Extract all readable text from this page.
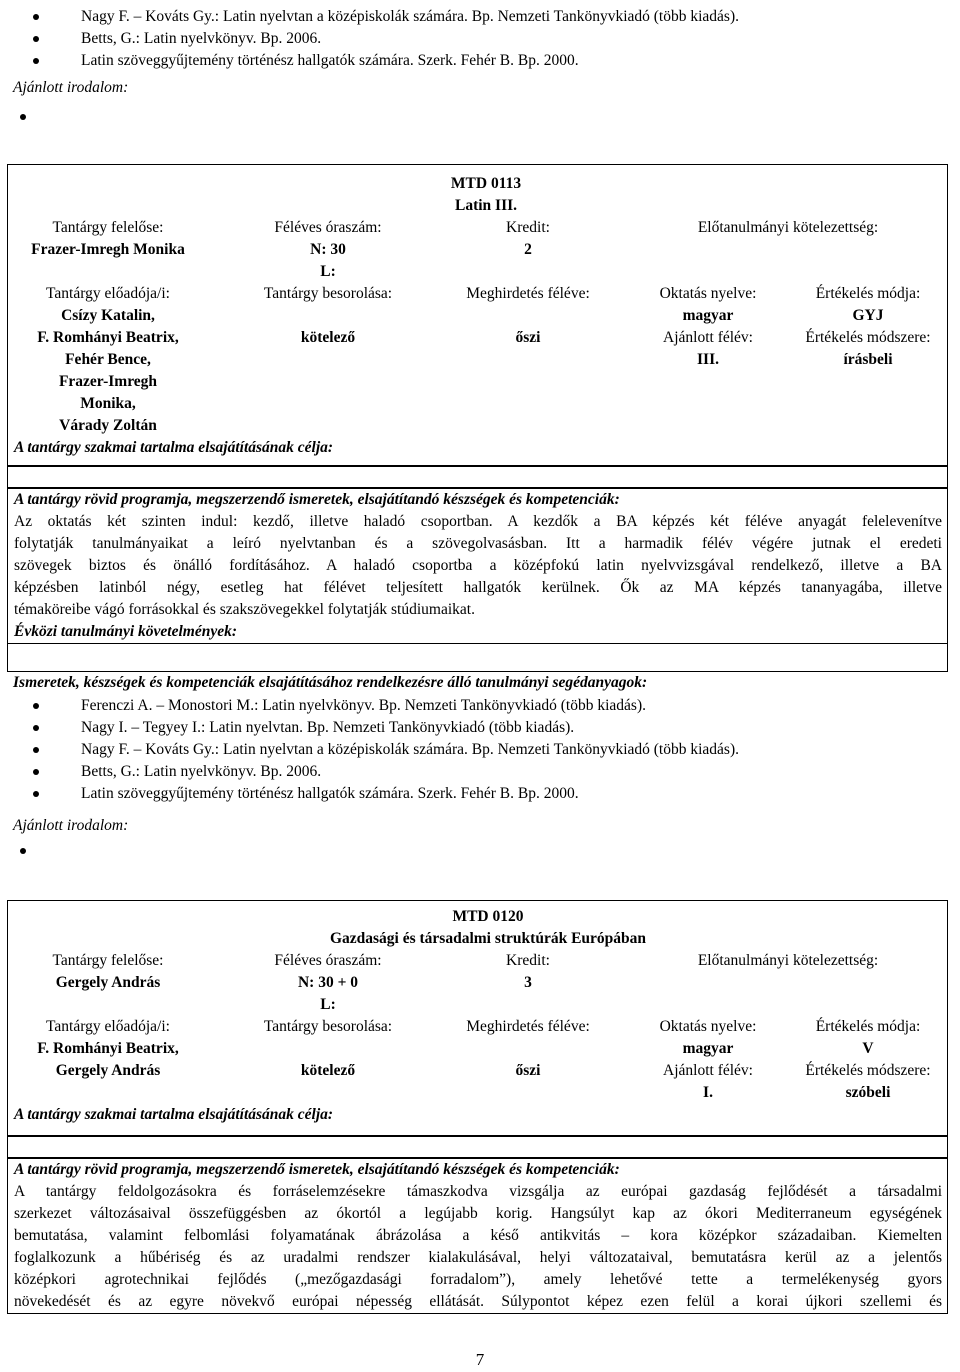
Nagy F. – Kováts Gy.: Latin nyelvtan a középiskolák számára. Bp. Nemzeti Tankönyvkiadó (több kiadás).
Betts, G.: Latin nyelvkönyv. Bp. 2006.
Latin szöveggyűjtemény történész hallgatók számára. Szerk. Fehér B. Bp. 2000.
Ajánlott irodalom:
MTD 0113
Latin III.
Tantárgy felelőse:
Frazer-Imregh Monika
Féléves óraszám:
N: 30
L:
Kredit:
2
Előtanulmányi kötelezettség:
Tantárgy előadója/i:
Csízy Katalin,
F. Romhányi Beatrix,
Fehér Bence,
Frazer-Imregh
Monika,
Várady Zoltán
Tantárgy besorolása:
kötelező
Meghirdetés féléve:
őszi
Oktatás nyelve:
magyar
Ajánlott félév:
III.
Értékelés módja:
GYJ
Értékelés módszere:
írásbeli
A tantárgy szakmai tartalma elsajátításának célja:
A tantárgy rövid programja, megszerzendő ismeretek, elsajátítandó készségek és kompetenciák:
Az oktatás két szinten indul: kezdő, illetve haladó csoportban. A kezdők a BA képzés két féléve anyagát felelevenítve
folytatják tanulmányaikat a leíró nyelvtanban és a szövegolvasásban. Itt a harmadik félév végére jutnak el eredeti
szövegek biztos és önálló fordításához. A haladó csoportba a középfokú latin nyelvvizsgával rendelkező, illetve a BA
képzésben latinból négy, esetleg hat félévet teljesített hallgatók kerülnek. Ők az MA képzés tananyagába, illetve
témaköreibe vágó forrásokkal és szakszövegekkel folytatják stúdiumaikat.
Évközi tanulmányi követelmények:
Ismeretek, készségek és kompetenciák elsajátításához rendelkezésre álló tanulmányi segédanyagok:
Ferenczi A. – Monostori M.: Latin nyelvkönyv. Bp. Nemzeti Tankönyvkiadó (több kiadás).
Nagy I. – Tegyey I.: Latin nyelvtan. Bp. Nemzeti Tankönyvkiadó (több kiadás).
Nagy F. – Kováts Gy.: Latin nyelvtan a középiskolák számára. Bp. Nemzeti Tankönyvkiadó (több kiadás).
Betts, G.: Latin nyelvkönyv. Bp. 2006.
Latin szöveggyűjtemény történész hallgatók számára. Szerk. Fehér B. Bp. 2000.
Ajánlott irodalom:
MTD 0120
Gazdasági és társadalmi struktúrák Európában
Tantárgy felelőse:
Gergely András
Féléves óraszám:
N: 30 + 0
L:
Kredit:
3
Előtanulmányi kötelezettség:
Tantárgy előadója/i:
F. Romhányi Beatrix,
Gergely András
Tantárgy besorolása:
kötelező
Meghirdetés féléve:
őszi
Oktatás nyelve:
magyar
Ajánlott félév:
I.
Értékelés módja:
V
Értékelés módszere:
szóbeli
A tantárgy szakmai tartalma elsajátításának célja:
A tantárgy rövid programja, megszerzendő ismeretek, elsajátítandó készségek és kompetenciák:
A tantárgy feldolgozásokra és forráselemzésekre támaszkodva vizsgálja az európai gazdaság fejlődését a társadalmi
szerkezet változásaival összefüggésben az ókortól a legújabb korig. Hangsúlyt kap az ókori Mediterraneum egységének
bemutatása, valamint felbomlási folyamatának ábrázolása a késő antikvitás – kora középkor századaiban. Kiemelten
foglalkozunk a hűbériség és az uradalmi rendszer kialakulásával, helyi változataival, bemutatásra kerül az a jelentős
középkori agrotechnikai fejlődés („mezőgazdasági forradalom”), amely lehetővé tette a termelékenység gyors
növekedését és az egyre növekvő európai népesség ellátását. Súlypontot képez ezen felül a korai újkori szellemi és
7
